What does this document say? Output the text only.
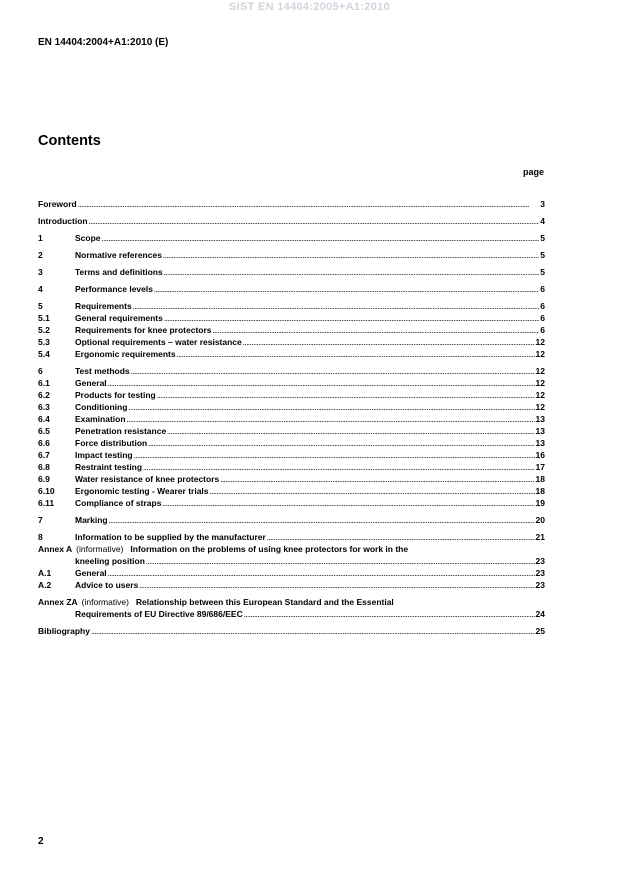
SIST EN 14404:2005+A1:2010
EN 14404:2004+A1:2010 (E)
Contents
page
Foreword . . .	3
Introduction . . .	4
1	Scope . . .	5
2	Normative references . . .	5
3	Terms and definitions . . .	5
4	Performance levels . . .	6
5	Requirements . . .	6
5.1	General requirements . . .	6
5.2	Requirements for knee protectors . . .	6
5.3	Optional requirements – water resistance . . .	12
5.4	Ergonomic requirements . . .	12
6	Test methods . . .	12
6.1	General . . .	12
6.2	Products for testing . . .	12
6.3	Conditioning . . .	12
6.4	Examination . . .	13
6.5	Penetration resistance . . .	13
6.6	Force distribution . . .	13
6.7	Impact testing . . .	16
6.8	Restraint testing . . .	17
6.9	Water resistance of knee protectors . . .	18
6.10	Ergonomic testing - Wearer trials . . .	18
6.11	Compliance of straps . . .	19
7	Marking . . .	20
8	Information to be supplied by the manufacturer . . .	21
Annex A (informative) Information on the problems of using knee protectors for work in the
kneeling position . . .	23
A.1	General . . .	23
A.2	Advice to users . . .	23
Annex ZA (informative) Relationship between this European Standard and the Essential
Requirements of EU Directive 89/686/EEC . . .	24
Bibliography . . .	25
2
